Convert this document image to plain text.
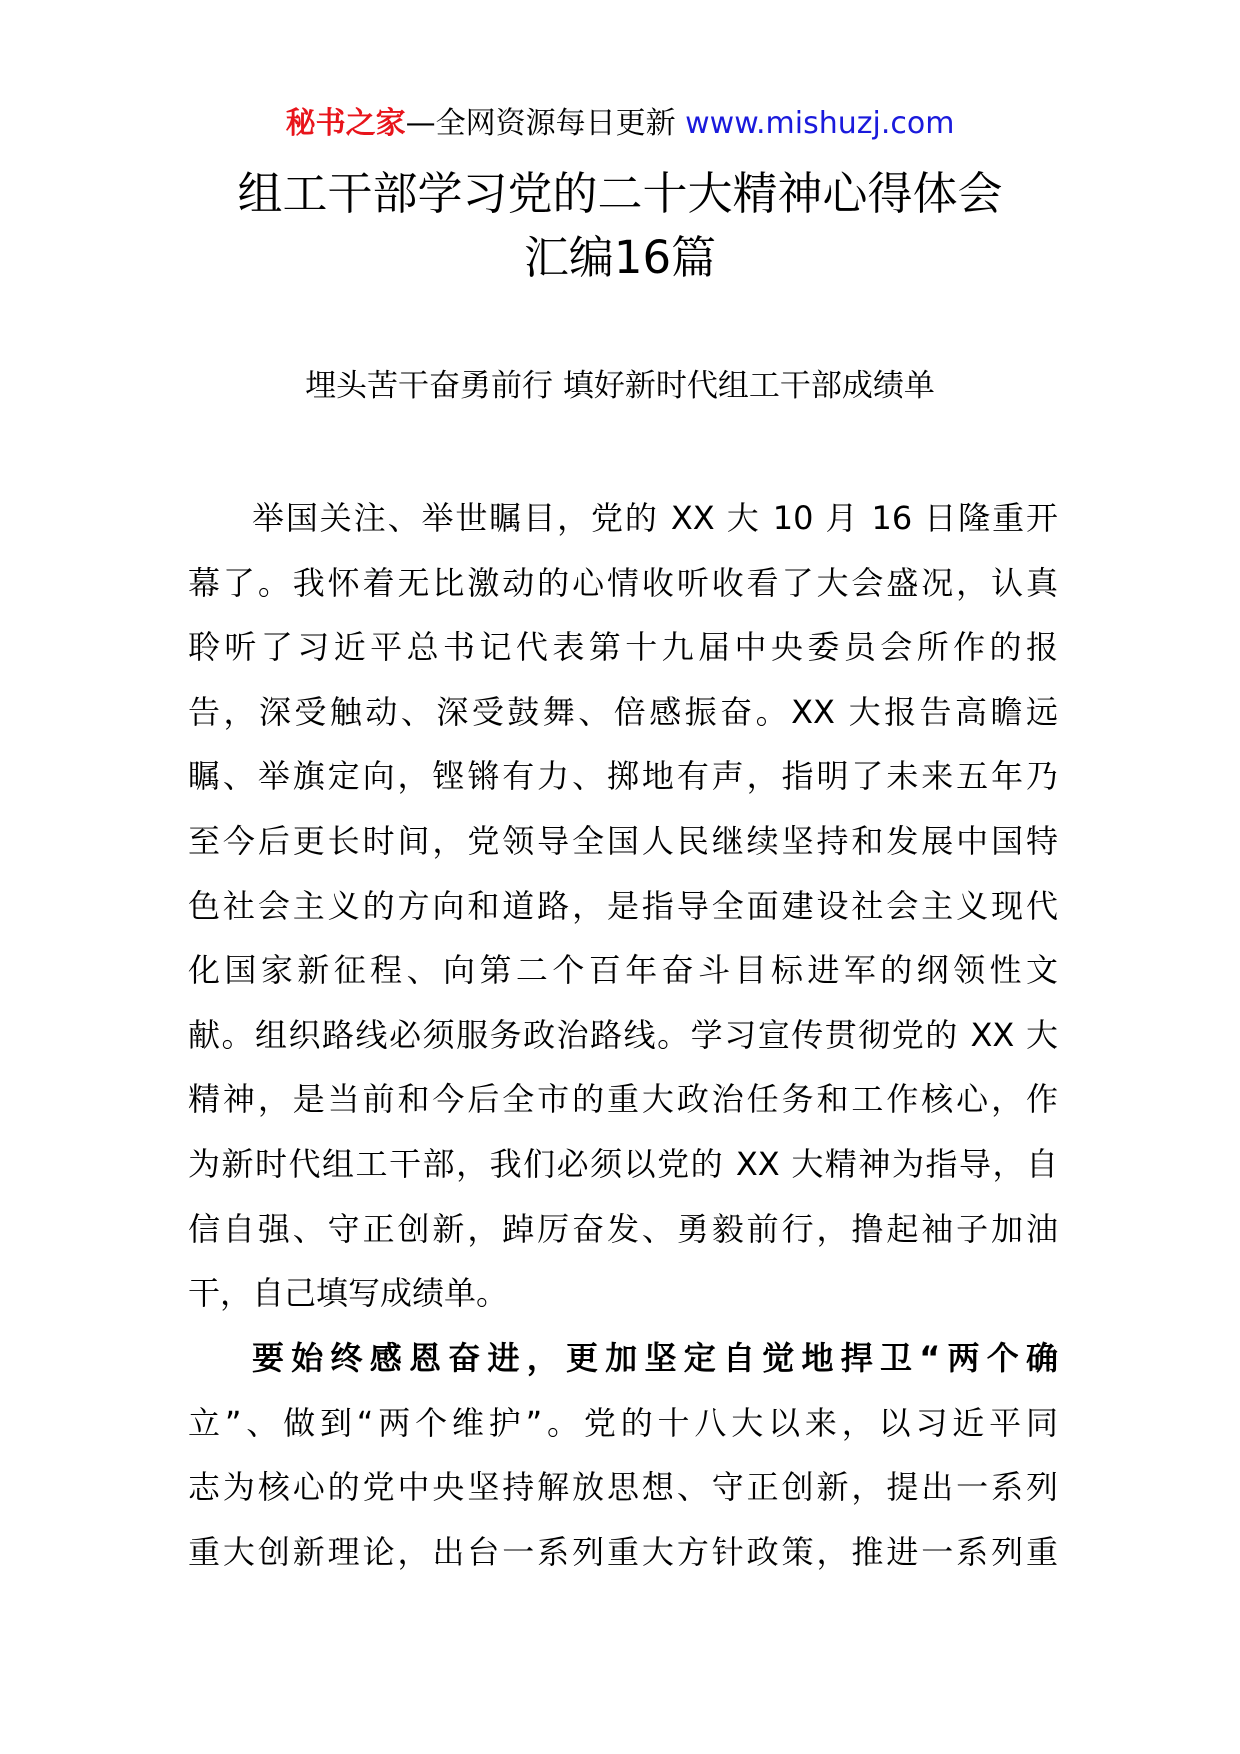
秘书之家—全网资源每日更新 www.mishuzj.com
组工干部学习党的二十大精神心得体会
汇编16篇
埋头苦干奋勇前行 填好新时代组工干部成绩单
举国关注、举世瞩目，党的 XX 大 10 月 16 日隆重开
幕了。我怀着无比激动的心情收听收看了大会盛况，认真
聆听了习近平总书记代表第十九届中央委员会所作的报
告，深受触动、深受鼓舞、倍感振奋。XX 大报告高瞻远
瞩、举旗定向，铿锵有力、掷地有声，指明了未来五年乃
至今后更长时间，党领导全国人民继续坚持和发展中国特
色社会主义的方向和道路，是指导全面建设社会主义现代
化国家新征程、向第二个百年奋斗目标进军的纲领性文
献。组织路线必须服务政治路线。学习宣传贯彻党的 XX 大
精神，是当前和今后全市的重大政治任务和工作核心，作
为新时代组工干部，我们必须以党的 XX 大精神为指导，自
信自强、守正创新，踔厉奋发、勇毅前行，撸起袖子加油
干，自己填写成绩单。
要始终感恩奋进，更加坚定自觉地捍卫“两个确
立”、做到“两个维护”。党的十八大以来，以习近平同
志为核心的党中央坚持解放思想、守正创新，提出一系列
重大创新理论，出台一系列重大方针政策，推进一系列重
